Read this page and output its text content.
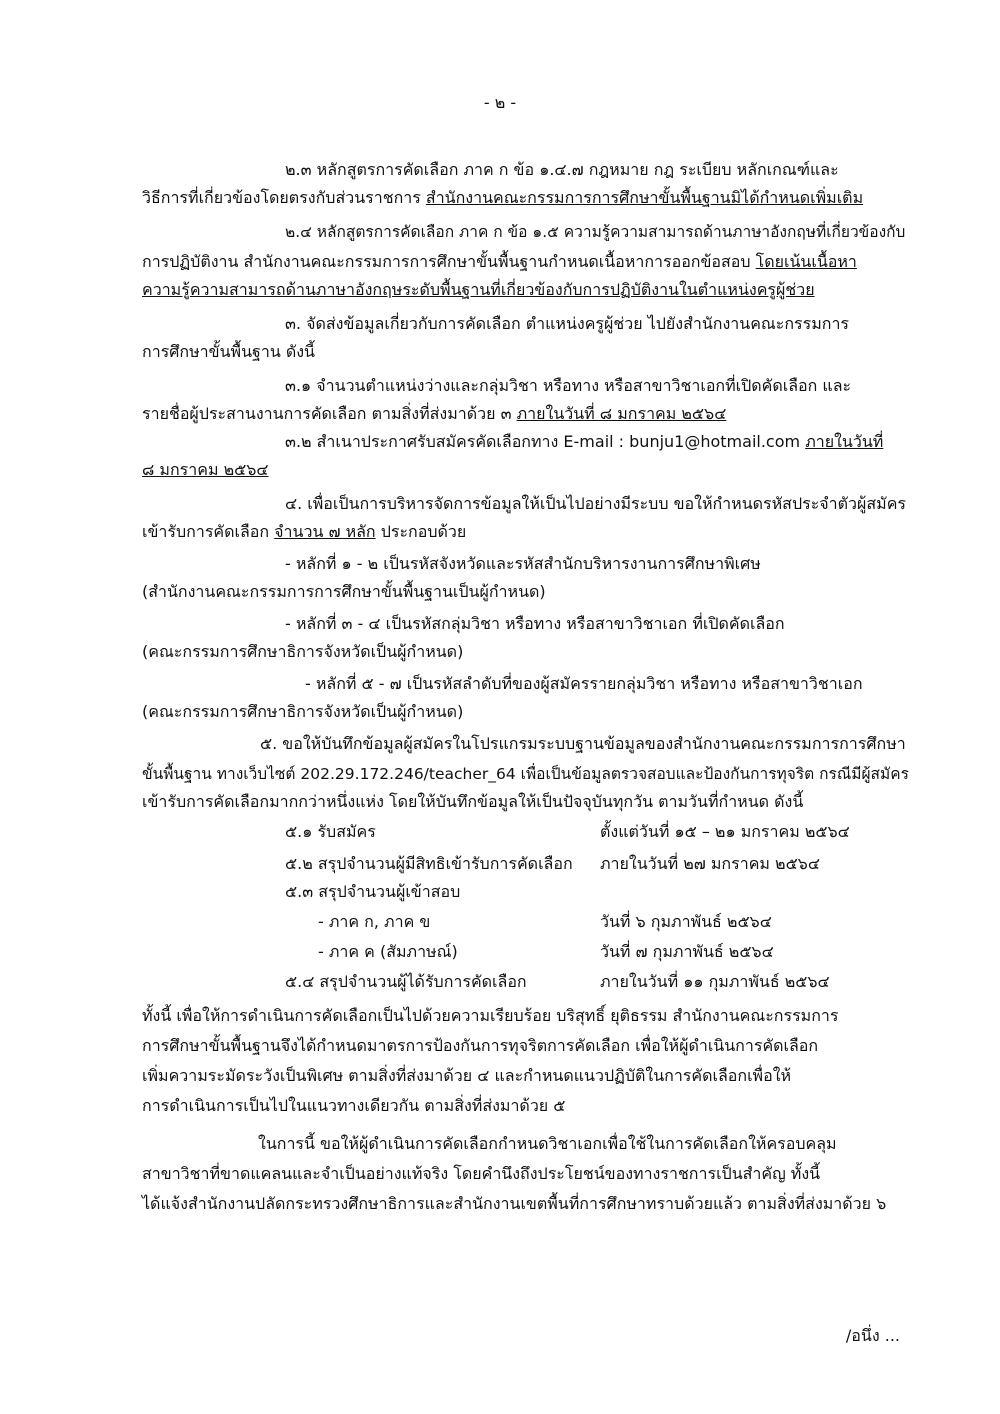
- ๒ -
๒.๓ หลักสูตรการคัดเลือก ภาค ก ข้อ ๑.๔.๗ กฎหมาย กฎ ระเบียบ หลักเกณฑ์และ
วิธีการที่เกี่ยวข้องโดยตรงกับส่วนราชการ สำนักงานคณะกรรมการการศึกษาขั้นพื้นฐานมิได้กำหนดเพิ่มเติม
๒.๔ หลักสูตรการคัดเลือก ภาค ก ข้อ ๑.๕ ความรู้ความสามารถด้านภาษาอังกฤษที่เกี่ยวข้องกับ
การปฏิบัติงาน สำนักงานคณะกรรมการการศึกษาขั้นพื้นฐานกำหนดเนื้อหาการออกข้อสอบ โดยเน้นเนื้อหา
ความรู้ความสามารถด้านภาษาอังกฤษระดับพื้นฐานที่เกี่ยวข้องกับการปฏิบัติงานในตำแหน่งครูผู้ช่วย
๓. จัดส่งข้อมูลเกี่ยวกับการคัดเลือก ตำแหน่งครูผู้ช่วย ไปยังสำนักงานคณะกรรมการ
การศึกษาขั้นพื้นฐาน ดังนี้
๓.๑ จำนวนตำแหน่งว่างและกลุ่มวิชา หรือทาง หรือสาขาวิชาเอกที่เปิดคัดเลือก และ
รายชื่อผู้ประสานงานการคัดเลือก ตามสิ่งที่ส่งมาด้วย ๓ ภายในวันที่ ๘ มกราคม ๒๕๖๔
๓.๒ สำเนาประกาศรับสมัครคัดเลือกทาง E-mail : bunju1@hotmail.com ภายในวันที่
๘ มกราคม ๒๕๖๔
๔. เพื่อเป็นการบริหารจัดการข้อมูลให้เป็นไปอย่างมีระบบ ขอให้กำหนดรหัสประจำตัวผู้สมัคร
เข้ารับการคัดเลือก จำนวน ๗ หลัก ประกอบด้วย
- หลักที่ ๑ - ๒ เป็นรหัสจังหวัดและรหัสสำนักบริหารงานการศึกษาพิเศษ
(สำนักงานคณะกรรมการการศึกษาขั้นพื้นฐานเป็นผู้กำหนด)
- หลักที่ ๓ - ๔ เป็นรหัสกลุ่มวิชา หรือทาง หรือสาขาวิชาเอก ที่เปิดคัดเลือก
(คณะกรรมการศึกษาธิการจังหวัดเป็นผู้กำหนด)
- หลักที่ ๕ - ๗ เป็นรหัสลำดับที่ของผู้สมัครรายกลุ่มวิชา หรือทาง หรือสาขาวิชาเอก
(คณะกรรมการศึกษาธิการจังหวัดเป็นผู้กำหนด)
๕. ขอให้บันทึกข้อมูลผู้สมัครในโปรแกรมระบบฐานข้อมูลของสำนักงานคณะกรรมการการศึกษา
ขั้นพื้นฐาน ทางเว็บไซต์ 202.29.172.246/teacher_64 เพื่อเป็นข้อมูลตรวจสอบและป้องกันการทุจริต กรณีมีผู้สมัคร
เข้ารับการคัดเลือกมากกว่าหนึ่งแห่ง โดยให้บันทึกข้อมูลให้เป็นปัจจุบันทุกวัน ตามวันที่กำหนด ดังนี้
๕.๑ รับสมัคร	ตั้งแต่วันที่ ๑๕ – ๒๑ มกราคม ๒๕๖๔
๕.๒ สรุปจำนวนผู้มีสิทธิเข้ารับการคัดเลือก ภายในวันที่ ๒๗ มกราคม ๒๕๖๔
๕.๓ สรุปจำนวนผู้เข้าสอบ
- ภาค ก, ภาค ข	วันที่ ๖ กุมภาพันธ์ ๒๕๖๔
- ภาค ค (สัมภาษณ์)	วันที่ ๗ กุมภาพันธ์ ๒๕๖๔
๕.๔ สรุปจำนวนผู้ได้รับการคัดเลือก	ภายในวันที่ ๑๑ กุมภาพันธ์ ๒๕๖๔
ทั้งนี้ เพื่อให้การดำเนินการคัดเลือกเป็นไปด้วยความเรียบร้อย บริสุทธิ์ ยุติธรรม สำนักงานคณะกรรมการ
การศึกษาขั้นพื้นฐานจึงได้กำหนดมาตรการป้องกันการทุจริตการคัดเลือก เพื่อให้ผู้ดำเนินการคัดเลือก
เพิ่มความระมัดระวังเป็นพิเศษ ตามสิ่งที่ส่งมาด้วย ๔ และกำหนดแนวปฏิบัติในการคัดเลือกเพื่อให้
การดำเนินการเป็นไปในแนวทางเดียวกัน ตามสิ่งที่ส่งมาด้วย ๕
ในการนี้ ขอให้ผู้ดำเนินการคัดเลือกกำหนดวิชาเอกเพื่อใช้ในการคัดเลือกให้ครอบคลุม
สาขาวิชาที่ขาดแคลนและจำเป็นอย่างแท้จริง โดยคำนึงถึงประโยชน์ของทางราชการเป็นสำคัญ ทั้งนี้
ได้แจ้งสำนักงานปลัดกระทรวงศึกษาธิการและสำนักงานเขตพื้นที่การศึกษาทราบด้วยแล้ว ตามสิ่งที่ส่งมาด้วย ๖
/อนึ่ง ...
